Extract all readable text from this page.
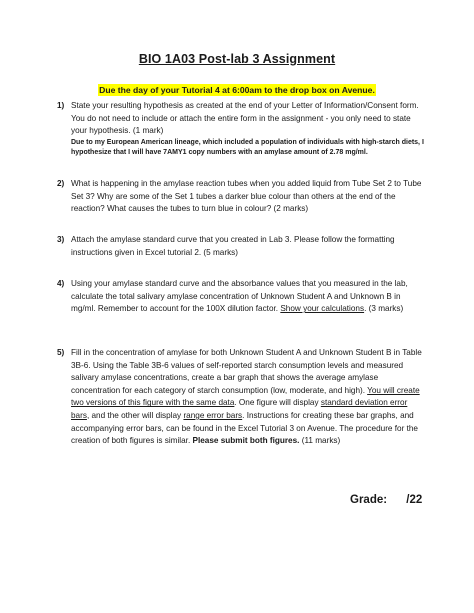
BIO 1A03 Post-lab 3 Assignment
Due the day of your Tutorial 4 at 6:00am to the drop box on Avenue.
1) State your resulting hypothesis as created at the end of your Letter of Information/Consent form. You do not need to include or attach the entire form in the assignment - you only need to state your hypothesis. (1 mark)
Due to my European American lineage, which included a population of individuals with high-starch diets, I hypothesize that I will have 7AMY1 copy numbers with an amylase amount of 2.78 mg/ml.
2) What is happening in the amylase reaction tubes when you added liquid from Tube Set 2 to Tube Set 3? Why are some of the Set 1 tubes a darker blue colour than others at the end of the reaction? What causes the tubes to turn blue in colour? (2 marks)
3) Attach the amylase standard curve that you created in Lab 3. Please follow the formatting instructions given in Excel tutorial 2. (5 marks)
4) Using your amylase standard curve and the absorbance values that you measured in the lab, calculate the total salivary amylase concentration of Unknown Student A and Unknown B in mg/ml. Remember to account for the 100X dilution factor. Show your calculations. (3 marks)
5) Fill in the concentration of amylase for both Unknown Student A and Unknown Student B in Table 3B-6. Using the Table 3B-6 values of self-reported starch consumption levels and measured salivary amylase concentrations, create a bar graph that shows the average amylase concentration for each category of starch consumption (low, moderate, and high). You will create two versions of this figure with the same data. One figure will display standard deviation error bars, and the other will display range error bars. Instructions for creating these bar graphs, and accompanying error bars, can be found in the Excel Tutorial 3 on Avenue. The procedure for the creation of both figures is similar. Please submit both figures. (11 marks)
Grade: /22
